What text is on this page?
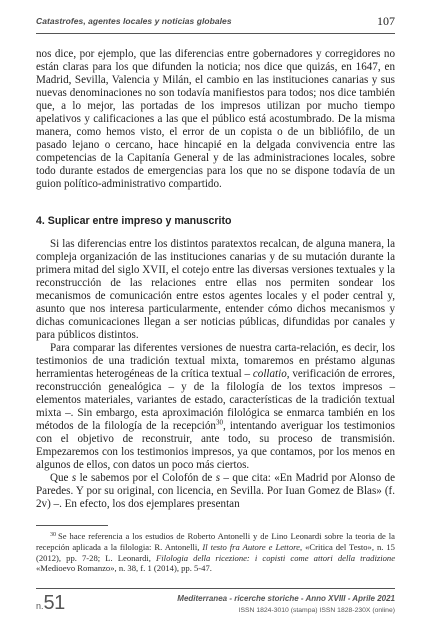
Catastrofes, agentes locales y noticias globales	107

nos dice, por ejemplo, que las diferencias entre gobernadores y corregidores no están claras para los que difunden la noticia; nos dice que quizás, en 1647, en Madrid, Sevilla, Valencia y Milán, el cambio en las instituciones canarias y sus nuevas denominaciones no son todavía manifiestos para todos; nos dice también que, a lo mejor, las portadas de los impresos utilizan por mucho tiempo apelativos y calificaciones a las que el público está acostumbrado. De la misma manera, como hemos visto, el error de un copista o de un bibliófilo, de un pasado lejano o cercano, hace hincapié en la delgada convivencia entre las competencias de la Capitanía General y de las administraciones locales, sobre todo durante estados de emergencias para los que no se dispone todavía de un guion político-administrativo compartido.

4. Suplicar entre impreso y manuscrito

Si las diferencias entre los distintos paratextos recalcan, de alguna manera, la compleja organización de las instituciones canarias y de su mutación durante la primera mitad del siglo XVII, el cotejo entre las diversas versiones textuales y la reconstrucción de las relaciones entre ellas nos permiten sondear los mecanismos de comunicación entre estos agentes locales y el poder central y, asunto que nos interesa particularmente, entender cómo dichos mecanismos y dichas comunicaciones llegan a ser noticias públicas, difundidas por canales y para públicos distintos.

Para comparar las diferentes versiones de nuestra carta-relación, es decir, los testimonios de una tradición textual mixta, tomaremos en préstamo algunas herramientas heterogéneas de la crítica textual – collatio, verificación de errores, reconstrucción genealógica – y de la filología de los textos impresos – elementos materiales, variantes de estado, características de la tradición textual mixta –. Sin embargo, esta aproximación filológica se enmarca también en los métodos de la filología de la recepción$^{30}$, intentando averiguar los testimonios con el objetivo de reconstruir, ante todo, su proceso de transmisión. Empezaremos con los testimonios impresos, ya que contamos, por los menos en algunos de ellos, con datos un poco más ciertos.

Que s le sabemos por el Colofón de s – que cita: «En Madrid por Alonso de Paredes. Y por su original, con licencia, en Sevilla. Por Iuan Gomez de Blas» (f. 2v) –. En efecto, los dos ejemplares presentan

$^{30}$ Se hace referencia a los estudios de Roberto Antonelli y de Lino Leonardi sobre la teoria de la recepción aplicada a la filologia: R. Antonelli, Il testo fra Autore e Lettore, «Critica del Testo», n. 15 (2012), pp. 7-28; L. Leonardi, Filologia della ricezione: i copisti come attori della tradizione «Medioevo Romanzo», n. 38, f. 1 (2014), pp. 5-47.
n.51	Mediterranea - ricerche storiche - Anno XVIII - Aprile 2021
ISSN 1824-3010 (stampa) ISSN 1828-230X (online)
